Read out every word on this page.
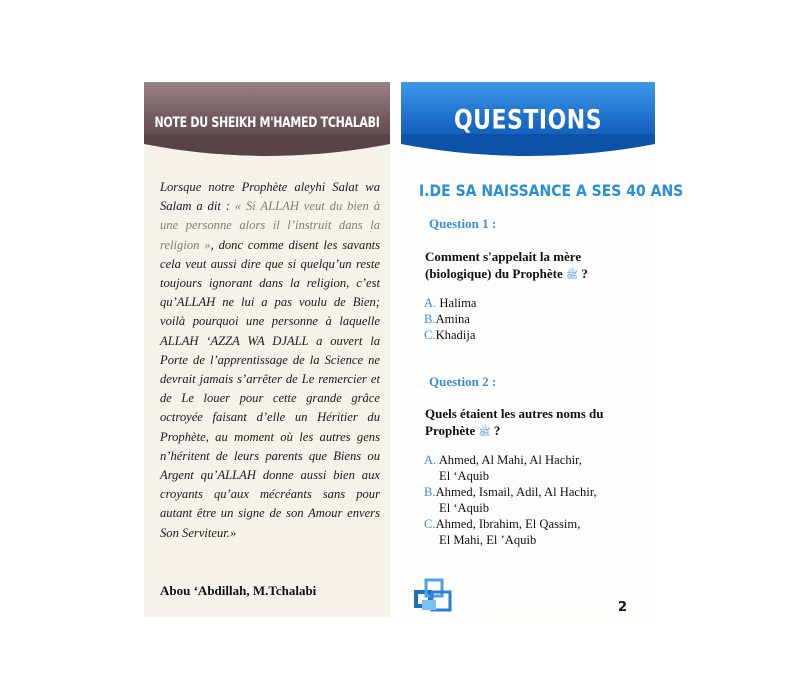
NOTE DU SHEIKH M'HAMED TCHALABI

Lorsque notre Prophète aleyhi Salat wa Salam a dit : « Si ALLAH veut du bien à une personne alors il l’instruit dans la religion », donc comme disent les savants cela veut aussi dire que si quelqu’un reste toujours ignorant dans la religion, c’est qu’ALLAH ne lui a pas voulu de Bien; voilà pourquoi une personne à laquelle ALLAH ‘AZZA WA DJALL a ouvert la Porte de l’apprentissage de la Science ne devrait jamais s’arrêter de Le remercier et de Le louer pour cette grande grâce octroyée faisant d’elle un Héritier du Prophète, au moment où les autres gens n’héritent de leurs parents que Biens ou Argent qu’ALLAH donne aussi bien aux croyants qu’aux mécréants sans pour autant être un signe de son Amour envers Son Serviteur.»

Abou ‘Abdillah, M.Tchalabi
QUESTIONS
I.DE SA NAISSANCE A SES 40 ANS
Question 1 :
Comment s'appelait la mère (biologique) du Prophète ﷺ ?
A. Halima
B.Amina
C.Khadija
Question 2 :
Quels étaient les autres noms du Prophète ﷺ ?
A. Ahmed, Al Mahi, Al Hachir,
El ‘Aquib
B.Ahmed, Ismail, Adil, Al Hachir,
El ‘Aquib
C.Ahmed, Ibrahim, El Qassim,
El Mahi, El ’Aquib
2
